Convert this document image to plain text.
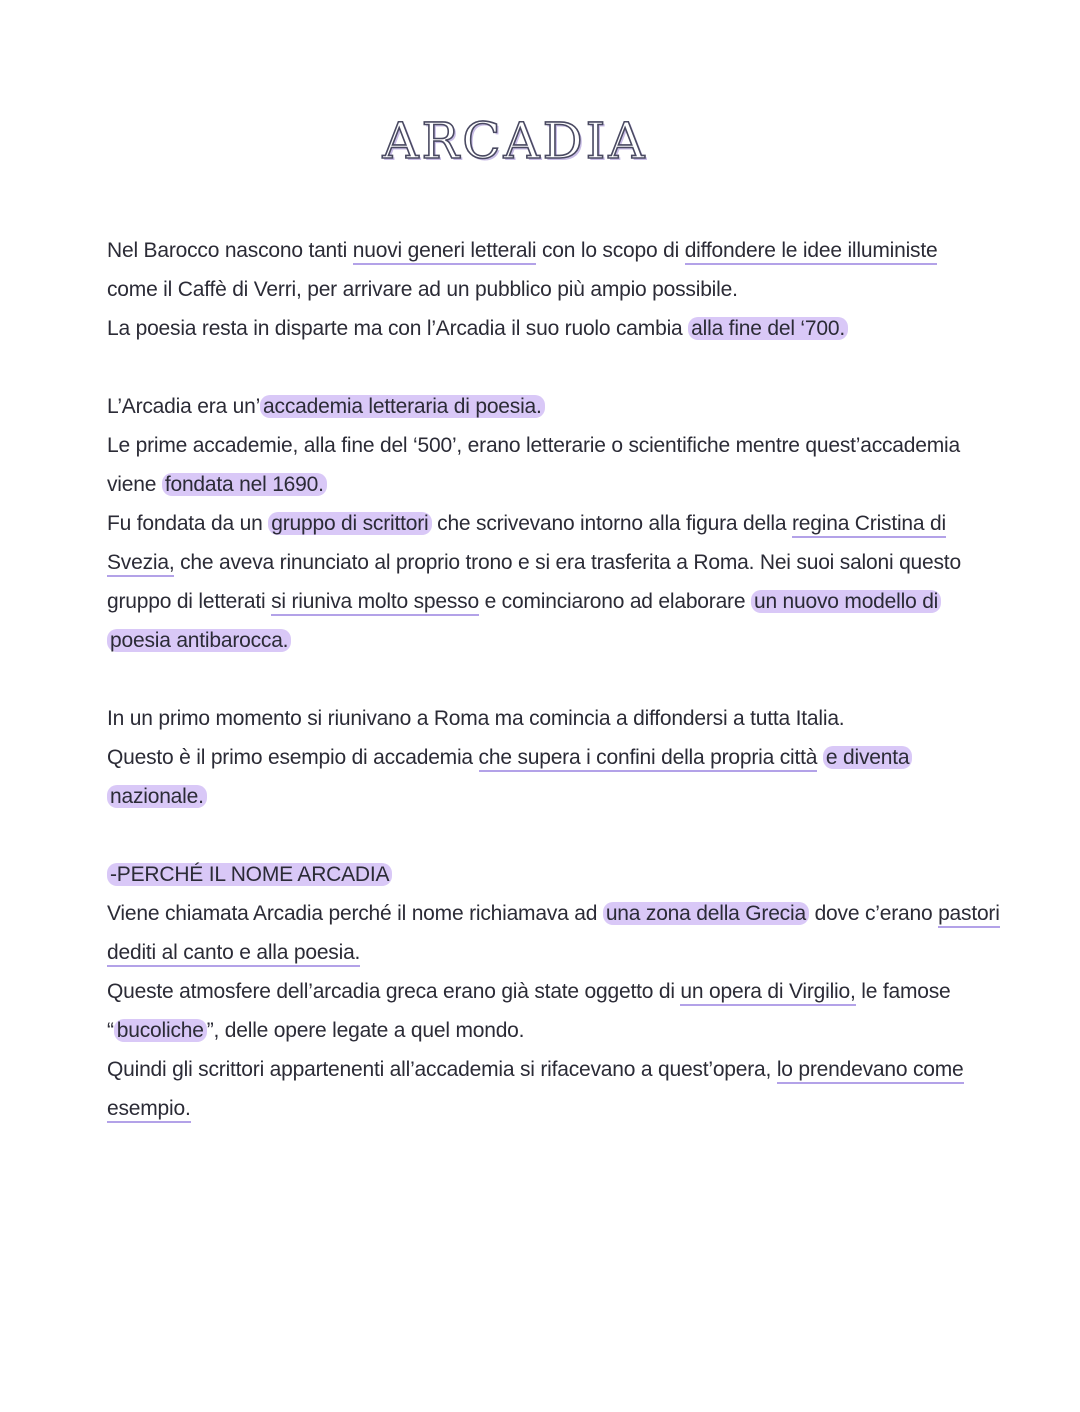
ARCADIA
Nel Barocco nascono tanti nuovi generi letterali con lo scopo di diffondere le idee illuministe
come il Caffè di Verri, per arrivare ad un pubblico più ampio possibile.
La poesia resta in disparte ma con l’Arcadia il suo ruolo cambia alla fine del ‘700.
L’Arcadia era un’ accademia letteraria di poesia.
Le prime accademie, alla fine del ‘500’, erano letterarie o scientifiche mentre quest’accademia
viene fondata nel 1690.
Fu fondata da un gruppo di scrittori che scrivevano intorno alla figura della regina Cristina di
Svezia, che aveva rinunciato al proprio trono e si era trasferita a Roma. Nei suoi saloni questo
gruppo di letterati si riuniva molto spesso e cominciarono ad elaborare un nuovo modello di
poesia antibarocca.
In un primo momento si riunivano a Roma ma comincia a diffondersi a tutta Italia.
Questo è il primo esempio di accademia che supera i confini della propria città e diventa
nazionale.
-PERCHÉ IL NOME ARCADIA
Viene chiamata Arcadia perché il nome richiamava ad una zona della Grecia dove c’erano pastori
dediti al canto e alla poesia.
Queste atmosfere dell’arcadia greca erano già state oggetto di un opera di Virgilio, le famose
“ bucoliche ”, delle opere legate a quel mondo.
Quindi gli scrittori appartenenti all’accademia si rifacevano a quest’opera, lo prendevano come
esempio.
